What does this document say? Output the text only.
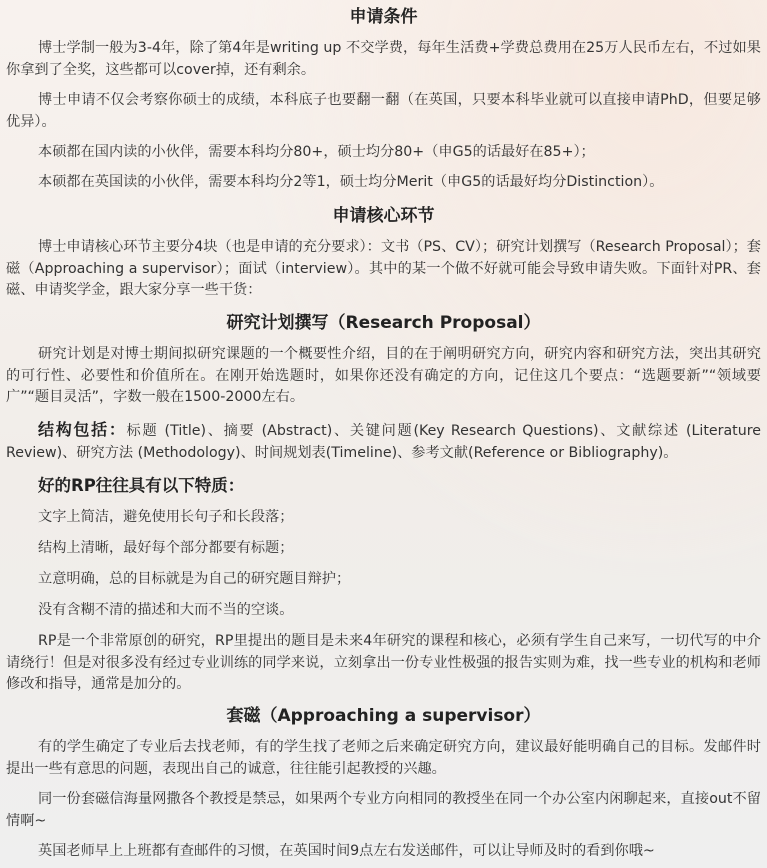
申请条件

博士学制一般为3-4年，除了第4年是writing up 不交学费，每年生活费+学费总费用在25万人民币左右，不过如果你拿到了全奖，这些都可以cover掉，还有剩余。

博士申请不仅会考察你硕士的成绩，本科底子也要翻一翻（在英国，只要本科毕业就可以直接申请PhD，但要足够优异）。

本硕都在国内读的小伙伴，需要本科均分80+，硕士均分80+（申G5的话最好在85+）；

本硕都在英国读的小伙伴，需要本科均分2等1，硕士均分Merit（申G5的话最好均分Distinction）。

申请核心环节

博士申请核心环节主要分4块（也是申请的充分要求）：文书（PS、CV）；研究计划撰写（Research Proposal）；套磁（Approaching a supervisor）；面试（interview）。其中的某一个做不好就可能会导致申请失败。下面针对PR、套磁、申请奖学金，跟大家分享一些干货：

研究计划撰写（Research Proposal）

研究计划是对博士期间拟研究课题的一个概要性介绍，目的在于阐明研究方向，研究内容和研究方法，突出其研究的可行性、必要性和价值所在。在刚开始选题时，如果你还没有确定的方向，记住这几个要点：“选题要新”“领域要广”“题目灵活”，字数一般在1500-2000左右。

结构包括：标题 (Title)、摘要 (Abstract)、关键问题(Key Research Questions)、文献综述 (Literature Review)、研究方法 (Methodology)、时间规划表(Timeline)、参考文献(Reference or Bibliography)。

好的RP往往具有以下特质：
文字上简洁，避免使用长句子和长段落；
结构上清晰，最好每个部分都要有标题；
立意明确，总的目标就是为自己的研究题目辩护；
没有含糊不清的描述和大而不当的空谈。

RP是一个非常原创的研究，RP里提出的题目是未来4年研究的课程和核心，必须有学生自己来写，一切代写的中介请绕行！但是对很多没有经过专业训练的同学来说，立刻拿出一份专业性极强的报告实则为难，找一些专业的机构和老师修改和指导，通常是加分的。

套磁（Approaching a supervisor）

有的学生确定了专业后去找老师，有的学生找了老师之后来确定研究方向，建议最好能明确自己的目标。发邮件时提出一些有意思的问题，表现出自己的诚意，往往能引起教授的兴趣。

同一份套磁信海量网撒各个教授是禁忌，如果两个专业方向相同的教授坐在同一个办公室内闲聊起来，直接out不留情啊~

英国老师早上上班都有查邮件的习惯，在英国时间9点左右发送邮件，可以让导师及时的看到你哦~
